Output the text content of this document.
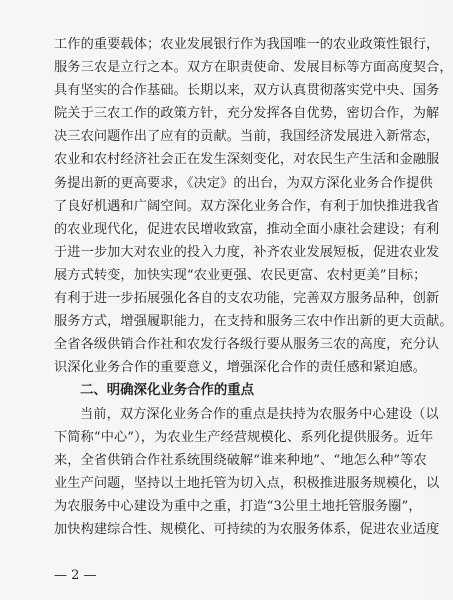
工作的重要载体；农业发展银行作为我国唯一的农业政策性银行，
服务三农是立行之本。双方在职责使命、发展目标等方面高度契合，
具有坚实的合作基础。长期以来，双方认真贯彻落实党中央、国务
院关于三农工作的政策方针，充分发挥各自优势，密切合作，为解
决三农问题作出了应有的贡献。当前，我国经济发展进入新常态，
农业和农村经济社会正在发生深刻变化，对农民生产生活和金融服
务提出新的更高要求，《决定》的出台，为双方深化业务合作提供
了良好机遇和广阔空间。双方深化业务合作，有利于加快推进我省
的农业现代化，促进农民增收致富，推动全面小康社会建设；有利
于进一步加大对农业的投入力度，补齐农业发展短板，促进农业发
展方式转变，加快实现“农业更强、农民更富、农村更美”目标；
有利于进一步拓展强化各自的支农功能，完善双方服务品种，创新
服务方式，增强履职能力，在支持和服务三农中作出新的更大贡献。
全省各级供销合作社和农发行各级行要从服务三农的高度，充分认
识深化业务合作的重要意义，增强深化合作的责任感和紧迫感。
二、明确深化业务合作的重点
当前，双方深化业务合作的重点是扶持为农服务中心建设（以
下简称“中心”），为农业生产经营规模化、系列化提供服务。近年
来，全省供销合作社系统围绕破解“谁来种地”、“地怎么种”等农
业生产问题，坚持以土地托管为切入点，积极推进服务规模化，以
为农服务中心建设为重中之重，打造“3公里土地托管服务圈”，
加快构建综合性、规模化、可持续的为农服务体系，促进农业适度
— 2 —
